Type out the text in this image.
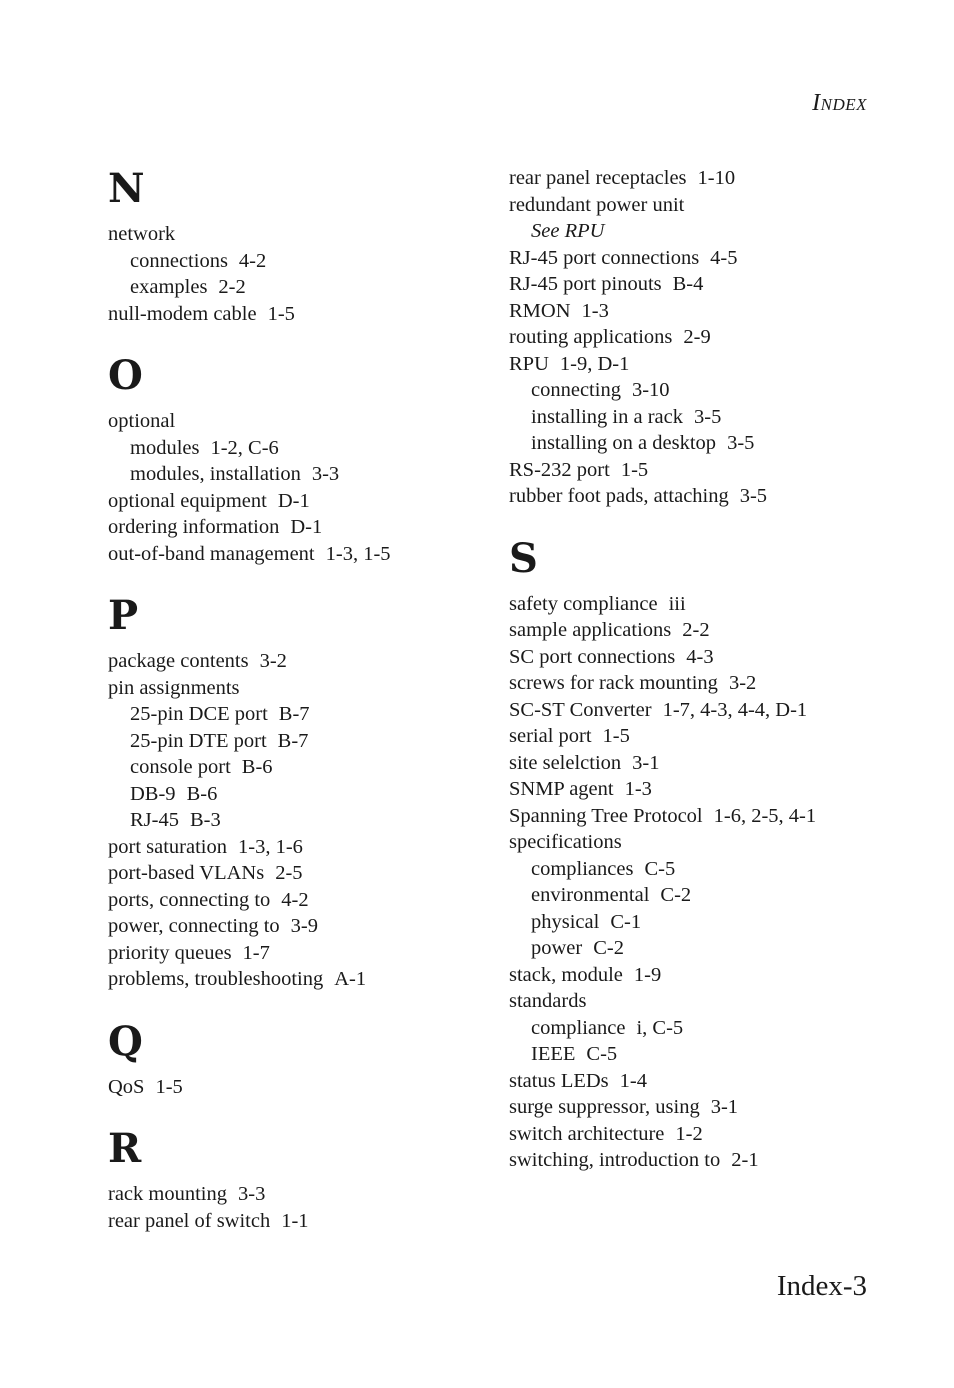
INDEX
N
network
connections 4-2
examples 2-2
null-modem cable 1-5
O
optional
modules 1-2, C-6
modules, installation 3-3
optional equipment D-1
ordering information D-1
out-of-band management 1-3, 1-5
P
package contents 3-2
pin assignments
25-pin DCE port B-7
25-pin DTE port B-7
console port B-6
DB-9 B-6
RJ-45 B-3
port saturation 1-3, 1-6
port-based VLANs 2-5
ports, connecting to 4-2
power, connecting to 3-9
priority queues 1-7
problems, troubleshooting A-1
Q
QoS 1-5
R
rack mounting 3-3
rear panel of switch 1-1
rear panel receptacles 1-10
redundant power unit
See RPU
RJ-45 port connections 4-5
RJ-45 port pinouts B-4
RMON 1-3
routing applications 2-9
RPU 1-9, D-1
connecting 3-10
installing in a rack 3-5
installing on a desktop 3-5
RS-232 port 1-5
rubber foot pads, attaching 3-5
S
safety compliance iii
sample applications 2-2
SC port connections 4-3
screws for rack mounting 3-2
SC-ST Converter 1-7, 4-3, 4-4, D-1
serial port 1-5
site selelction 3-1
SNMP agent 1-3
Spanning Tree Protocol 1-6, 2-5, 4-1
specifications
compliances C-5
environmental C-2
physical C-1
power C-2
stack, module 1-9
standards
compliance i, C-5
IEEE C-5
status LEDs 1-4
surge suppressor, using 3-1
switch architecture 1-2
switching, introduction to 2-1
Index-3
